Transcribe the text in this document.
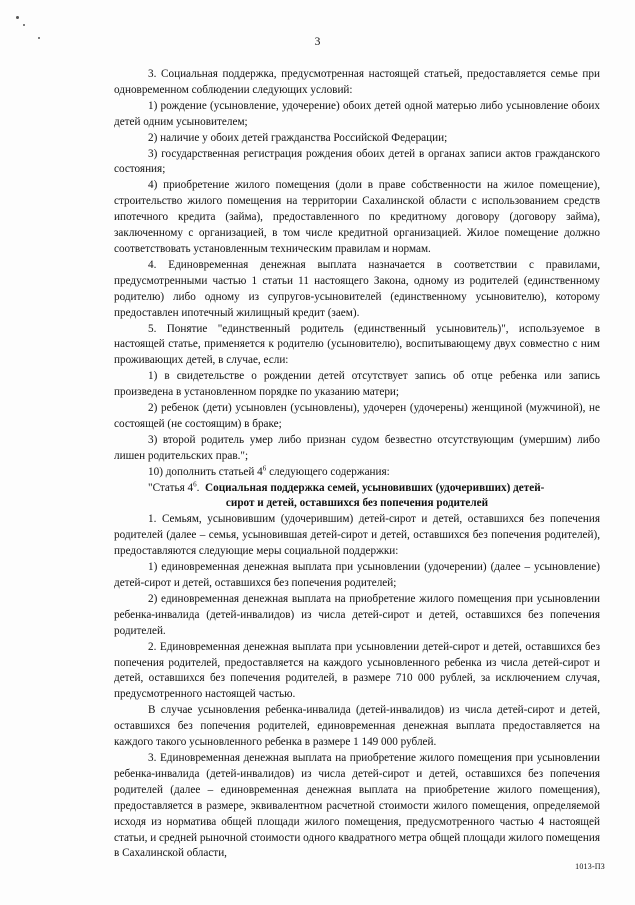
3

3. Социальная поддержка, предусмотренная настоящей статьей, предоставляется семье при одновременном соблюдении следующих условий:

1) рождение (усыновление, удочерение) обоих детей одной матерью либо усыновление обоих детей одним усыновителем;

2) наличие у обоих детей гражданства Российской Федерации;

3) государственная регистрация рождения обоих детей в органах записи актов гражданского состояния;

4) приобретение жилого помещения (доли в праве собственности на жилое помещение), строительство жилого помещения на территории Сахалинской области с использованием средств ипотечного кредита (займа), предоставленного по кредитному договору (договору займа), заключенному с организацией, в том числе кредитной организацией. Жилое помещение должно соответствовать установленным техническим правилам и нормам.

4. Единовременная денежная выплата назначается в соответствии с правилами, предусмотренными частью 1 статьи 11 настоящего Закона, одному из родителей (единственному родителю) либо одному из супругов-усыновителей (единственному усыновителю), которому предоставлен ипотечный жилищный кредит (заем).

5. Понятие "единственный родитель (единственный усыновитель)", используемое в настоящей статье, применяется к родителю (усыновителю), воспитывающему двух совместно с ним проживающих детей, в случае, если:

1) в свидетельстве о рождении детей отсутствует запись об отце ребенка или запись произведена в установленном порядке по указанию матери;

2) ребенок (дети) усыновлен (усыновлены), удочерен (удочерены) женщиной (мужчиной), не состоящей (не состоящим) в браке;

3) второй родитель умер либо признан судом безвестно отсутствующим (умершим) либо лишен родительских прав.";

10) дополнить статьей $4^6$ следующего содержания:

"Статья $4^6$.  Социальная поддержка семей, усыновивших (удочеривших) детей-

сирот и детей, оставшихся без попечения родителей

1. Семьям, усыновившим (удочерившим) детей-сирот и детей, оставшихся без попечения родителей (далее – семья, усыновившая детей-сирот и детей, оставшихся без попечения родителей), предоставляются следующие меры социальной поддержки:

1) единовременная денежная выплата при усыновлении (удочерении) (далее – усыновление) детей-сирот и детей, оставшихся без попечения родителей;

2) единовременная денежная выплата на приобретение жилого помещения при усыновлении ребенка-инвалида (детей-инвалидов) из числа детей-сирот и детей, оставшихся без попечения родителей.

2. Единовременная денежная выплата при усыновлении детей-сирот и детей, оставшихся без попечения родителей, предоставляется на каждого усыновленного ребенка из числа детей-сирот и детей, оставшихся без попечения родителей, в размере 710 000 рублей, за исключением случая, предусмотренного настоящей частью.

В случае усыновления ребенка-инвалида (детей-инвалидов) из числа детей-сирот и детей, оставшихся без попечения родителей, единовременная денежная выплата предоставляется на каждого такого усыновленного ребенка в размере 1 149 000 рублей.

3. Единовременная денежная выплата на приобретение жилого помещения при усыновлении ребенка-инвалида (детей-инвалидов) из числа детей-сирот и детей, оставшихся без попечения родителей (далее – единовременная денежная выплата на приобретение жилого помещения), предоставляется в размере, эквивалентном расчетной стоимости жилого помещения, определяемой исходя из норматива общей площади жилого помещения, предусмотренного частью 4 настоящей статьи, и средней рыночной стоимости одного квадратного метра общей площади жилого помещения в Сахалинской области,

1013-ПЗ
